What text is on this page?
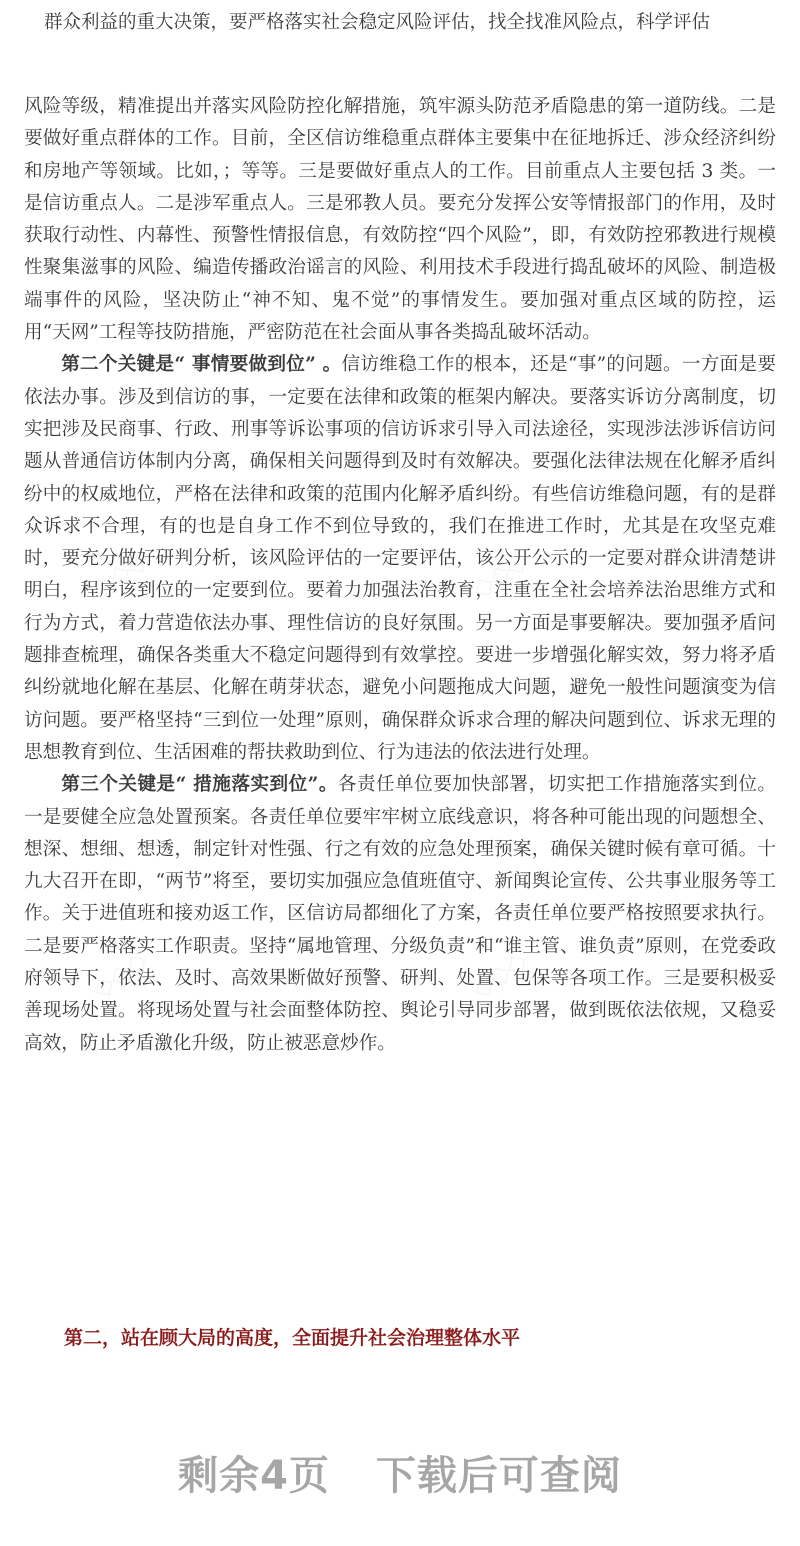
群众利益的重大决策，要严格落实社会稳定风险评估，找全找准风险点，科学评估

风险等级，精准提出并落实风险防控化解措施，筑牢源头防范矛盾隐患的第一道防线。二是要做好重点群体的工作。目前，全区信访维稳重点群体主要集中在征地拆迁、涉众经济纠纷和房地产等领域。比如，；等等。三是要做好重点人的工作。目前重点人主要包括 3 类。一是信访重点人。二是涉军重点人。三是邪教人员。要充分发挥公安等情报部门的作用，及时获取行动性、内幕性、预警性情报信息，有效防控“四个风险”，即，有效防控邪教进行规模性聚集滋事的风险、编造传播政治谣言的风险、利用技术手段进行捣乱破坏的风险、制造极端事件的风险，坚决防止“神不知、鬼不觉”的事情发生。要加强对重点区域的防控，运用“天网”工程等技防措施，严密防范在社会面从事各类捣乱破坏活动。

第二个关键是“ 事情要做到位” 。信访维稳工作的根本，还是“事”的问题。一方面是要依法办事。涉及到信访的事，一定要在法律和政策的框架内解决。要落实诉访分离制度，切实把涉及民商事、行政、刑事等诉讼事项的信访诉求引导入司法途径，实现涉法涉诉信访问题从普通信访体制内分离，确保相关问题得到及时有效解决。要强化法律法规在化解矛盾纠纷中的权威地位，严格在法律和政策的范围内化解矛盾纠纷。有些信访维稳问题，有的是群众诉求不合理，有的也是自身工作不到位导致的，我们在推进工作时，尤其是在攻坚克难时，要充分做好研判分析，该风险评估的一定要评估，该公开公示的一定要对群众讲清楚讲明白，程序该到位的一定要到位。要着力加强法治教育，注重在全社会培养法治思维方式和行为方式，着力营造依法办事、理性信访的良好氛围。另一方面是事要解决。要加强矛盾问题排查梳理，确保各类重大不稳定问题得到有效掌控。要进一步增强化解实效，努力将矛盾纠纷就地化解在基层、化解在萌芽状态，避免小问题拖成大问题，避免一般性问题演变为信访问题。要严格坚持“三到位一处理”原则，确保群众诉求合理的解决问题到位、诉求无理的思想教育到位、生活困难的帮扶救助到位、行为违法的依法进行处理。

第三个关键是“ 措施落实到位”。各责任单位要加快部署，切实把工作措施落实到位。一是要健全应急处置预案。各责任单位要牢牢树立底线意识，将各种可能出现的问题想全、想深、想细、想透，制定针对性强、行之有效的应急处理预案，确保关键时候有章可循。十九大召开在即，“两节”将至，要切实加强应急值班值守、新闻舆论宣传、公共事业服务等工作。关于进值班和接劝返工作，区信访局都细化了方案，各责任单位要严格按照要求执行。二是要严格落实工作职责。坚持“属地管理、分级负责”和“谁主管、谁负责”原则，在党委政府领导下，依法、及时、高效果断做好预警、研判、处置、包保等各项工作。三是要积极妥善现场处置。将现场处置与社会面整体防控、舆论引导同步部署，做到既依法依规，又稳妥高效，防止矛盾激化升级，防止被恶意炒作。

第二，站在顾大局的高度，全面提升社会治理整体水平
剩余4页 下载后可查阅
